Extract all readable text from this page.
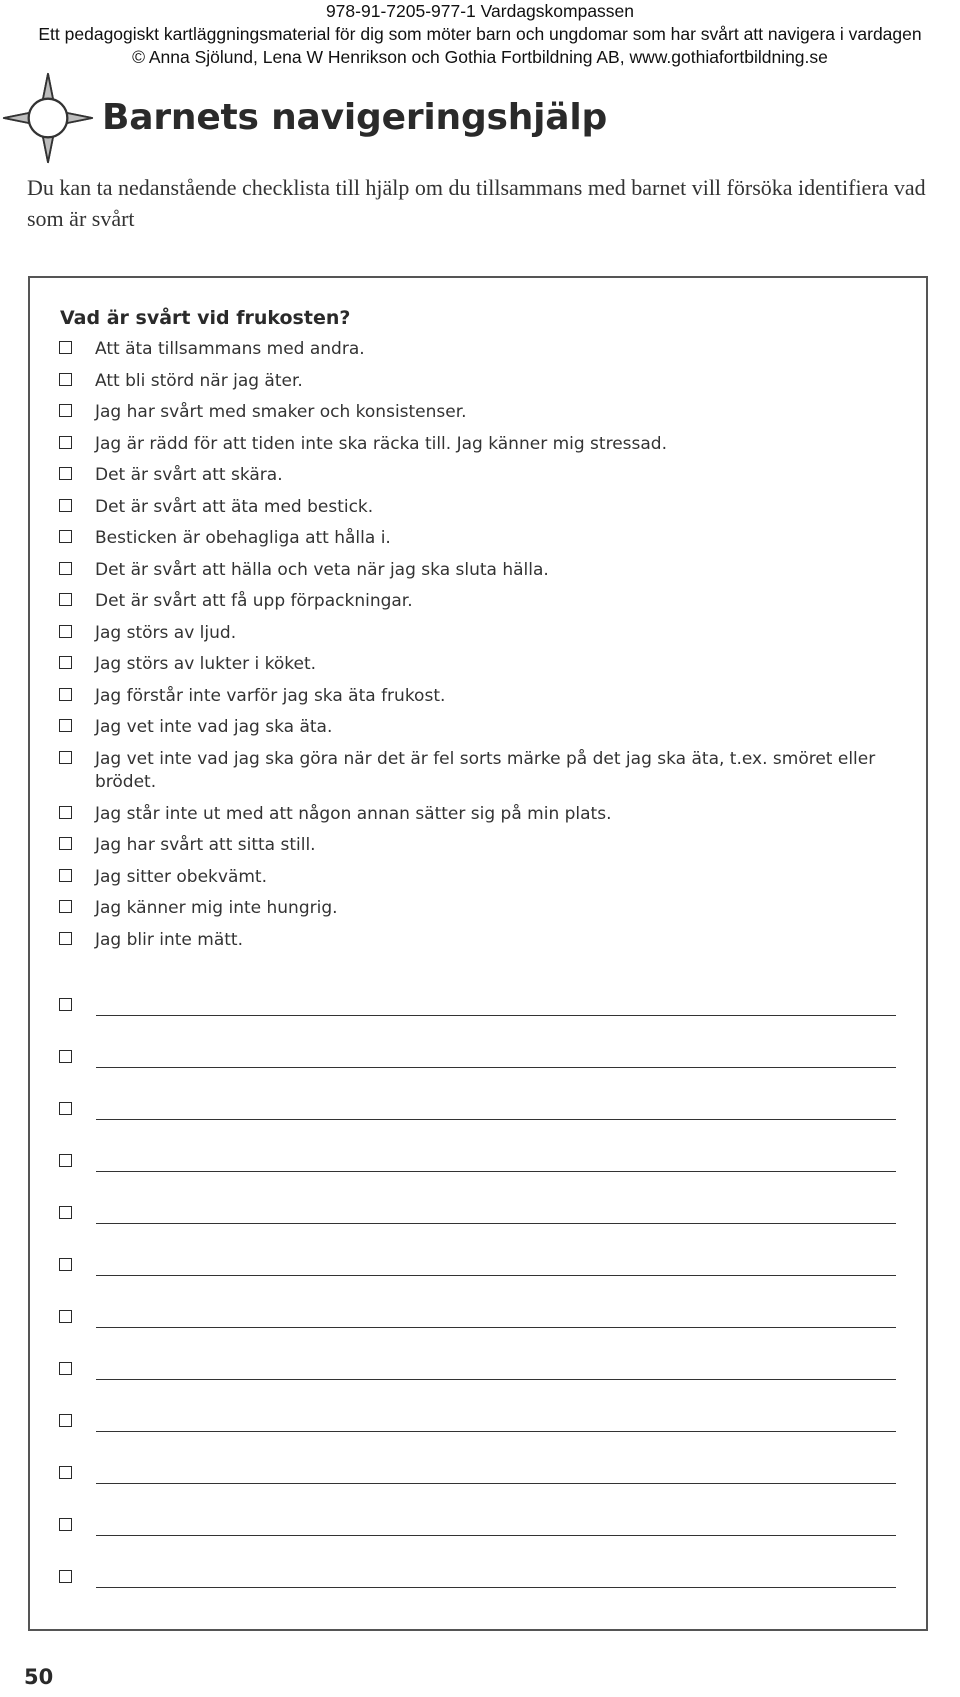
978-91-7205-977-1 Vardagskompassen
Ett pedagogiskt kartläggningsmaterial för dig som möter barn och ungdomar som har svårt att navigera i vardagen
© Anna Sjölund, Lena W Henrikson och Gothia Fortbildning AB, www.gothiafortbildning.se
Barnets navigeringshjälp

Du kan ta nedanstående checklista till hjälp om du tillsammans med barnet vill försöka identifiera vad som är svårt

Vad är svårt vid frukosten?
Att äta tillsammans med andra.
Att bli störd när jag äter.
Jag har svårt med smaker och konsistenser.
Jag är rädd för att tiden inte ska räcka till. Jag känner mig stressad.
Det är svårt att skära.
Det är svårt att äta med bestick.
Besticken är obehagliga att hålla i.
Det är svårt att hälla och veta när jag ska sluta hälla.
Det är svårt att få upp förpackningar.
Jag störs av ljud.
Jag störs av lukter i köket.
Jag förstår inte varför jag ska äta frukost.
Jag vet inte vad jag ska äta.
Jag vet inte vad jag ska göra när det är fel sorts märke på det jag ska äta, t.ex. smöret eller brödet.
Jag står inte ut med att någon annan sätter sig på min plats.
Jag har svårt att sitta still.
Jag sitter obekvämt.
Jag känner mig inte hungrig.
Jag blir inte mätt.
50
